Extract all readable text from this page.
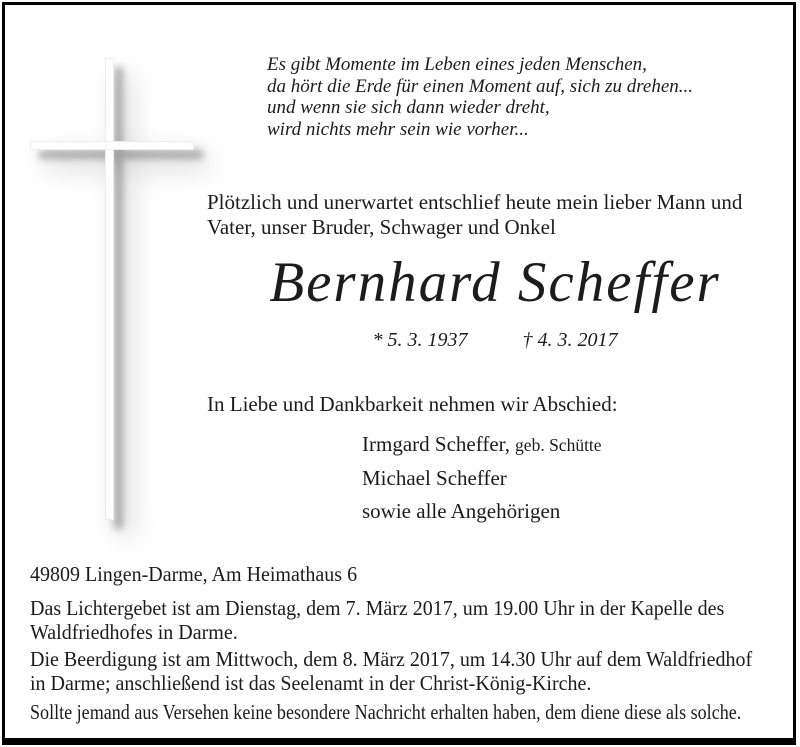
Es gibt Momente im Leben eines jeden Menschen,
da hört die Erde für einen Moment auf, sich zu drehen...
und wenn sie sich dann wieder dreht,
wird nichts mehr sein wie vorher...
Plötzlich und unerwartet entschlief heute mein lieber Mann und
Vater, unser Bruder, Schwager und Onkel
Bernhard Scheffer
* 5. 3. 1937	† 4. 3. 2017
In Liebe und Dankbarkeit nehmen wir Abschied:
Irmgard Scheffer, geb. Schütte
Michael Scheffer
sowie alle Angehörigen
49809 Lingen-Darme, Am Heimathaus 6
Das Lichtergebet ist am Dienstag, dem 7. März 2017, um 19.00 Uhr in der Kapelle des
Waldfriedhofes in Darme.
Die Beerdigung ist am Mittwoch, dem 8. März 2017, um 14.30 Uhr auf dem Waldfriedhof
in Darme; anschließend ist das Seelenamt in der Christ-König-Kirche.
Sollte jemand aus Versehen keine besondere Nachricht erhalten haben, dem diene diese als solche.
